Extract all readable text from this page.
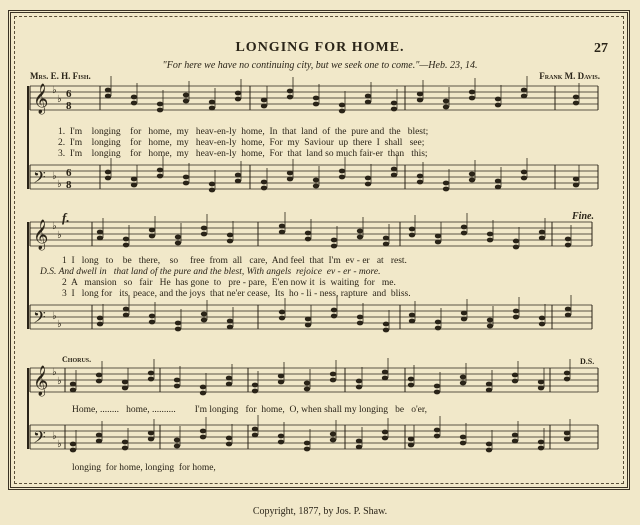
𝄞 ♭
♭ 6
8
𝄢 ♭
♭
6
8
𝄞 ♭
♭
𝄢 ♭
♭
𝄞 ♭
♭
𝄢 ♭
♭
LONGING FOR HOME.	27
"For here we have no continuing city, but we seek one to come."—Heb. 23, 14.
Mrs. E. H. Fish.	Frank M. Davis.
1.  I'm    longing    for   home,  my   heav-en-ly  home,  In  that  land  of  the  pure and  the   blest;
2.  I'm    longing    for   home,  my   heav-en-ly  home,  For  my  Saviour  up  there  I  shall   see;
3.  I'm    longing    for   home,  my   heav-en-ly  home,  For  that  land so much fair-er  than   this;
f.	Fine.
1  I   long   to    be   there,    so     free  from  all   care,  And feel  that  I'm  ev - er   at   rest.
D.S. And dwell in   that land of the pure and the blest, With angels  rejoice  ev - er - more.
2  A   mansion   so   fair   He  has gone  to   pre - pare,  E'en now it  is  waiting  for   me.
3  I   long for   its  peace, and the joys  that ne'er cease,  Its  ho - li - ness, rapture  and  bliss.
Chorus.	D.S.
Home, ........   home, ..........        I'm longing   for  home,  O, when shall my longing   be   o'er,
longing  for home, longing  for home,
Copyright, 1877, by Jos. P. Shaw.
